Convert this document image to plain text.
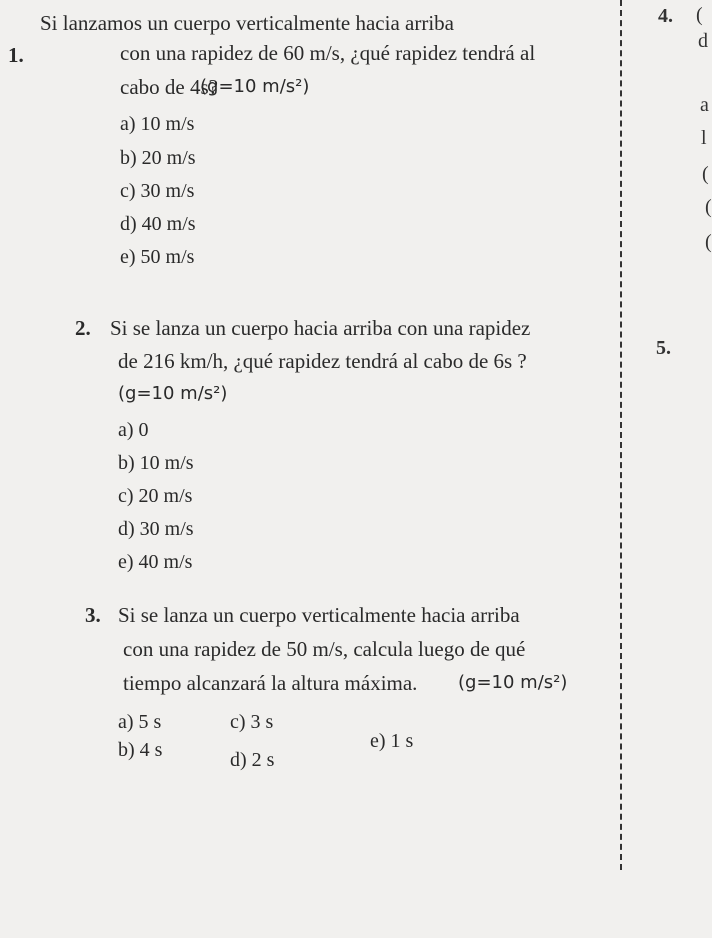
1.
Si lanzamos un cuerpo verticalmente hacia arriba
con una rapidez de 60 m/s, ¿qué rapidez tendrá al
cabo de 4s?
(g=10 m/s²)
a) 10 m/s
b) 20 m/s
c) 30 m/s
d) 40 m/s
e) 50 m/s
2. Si se lanza un cuerpo hacia arriba con una rapidez
de 216 km/h, ¿qué rapidez tendrá al cabo de 6s ?
(g=10 m/s²)
a) 0
b) 10 m/s
c) 20 m/s
d) 30 m/s
e) 40 m/s
3. Si se lanza un cuerpo verticalmente hacia arriba
con una rapidez de 50 m/s, calcula luego de qué
tiempo alcanzará la altura máxima. (g=10 m/s²)
a) 5 s
b) 4 s
c) 3 s
d) 2 s
e) 1 s
4. (
d
a
l
(
(
(
5.
